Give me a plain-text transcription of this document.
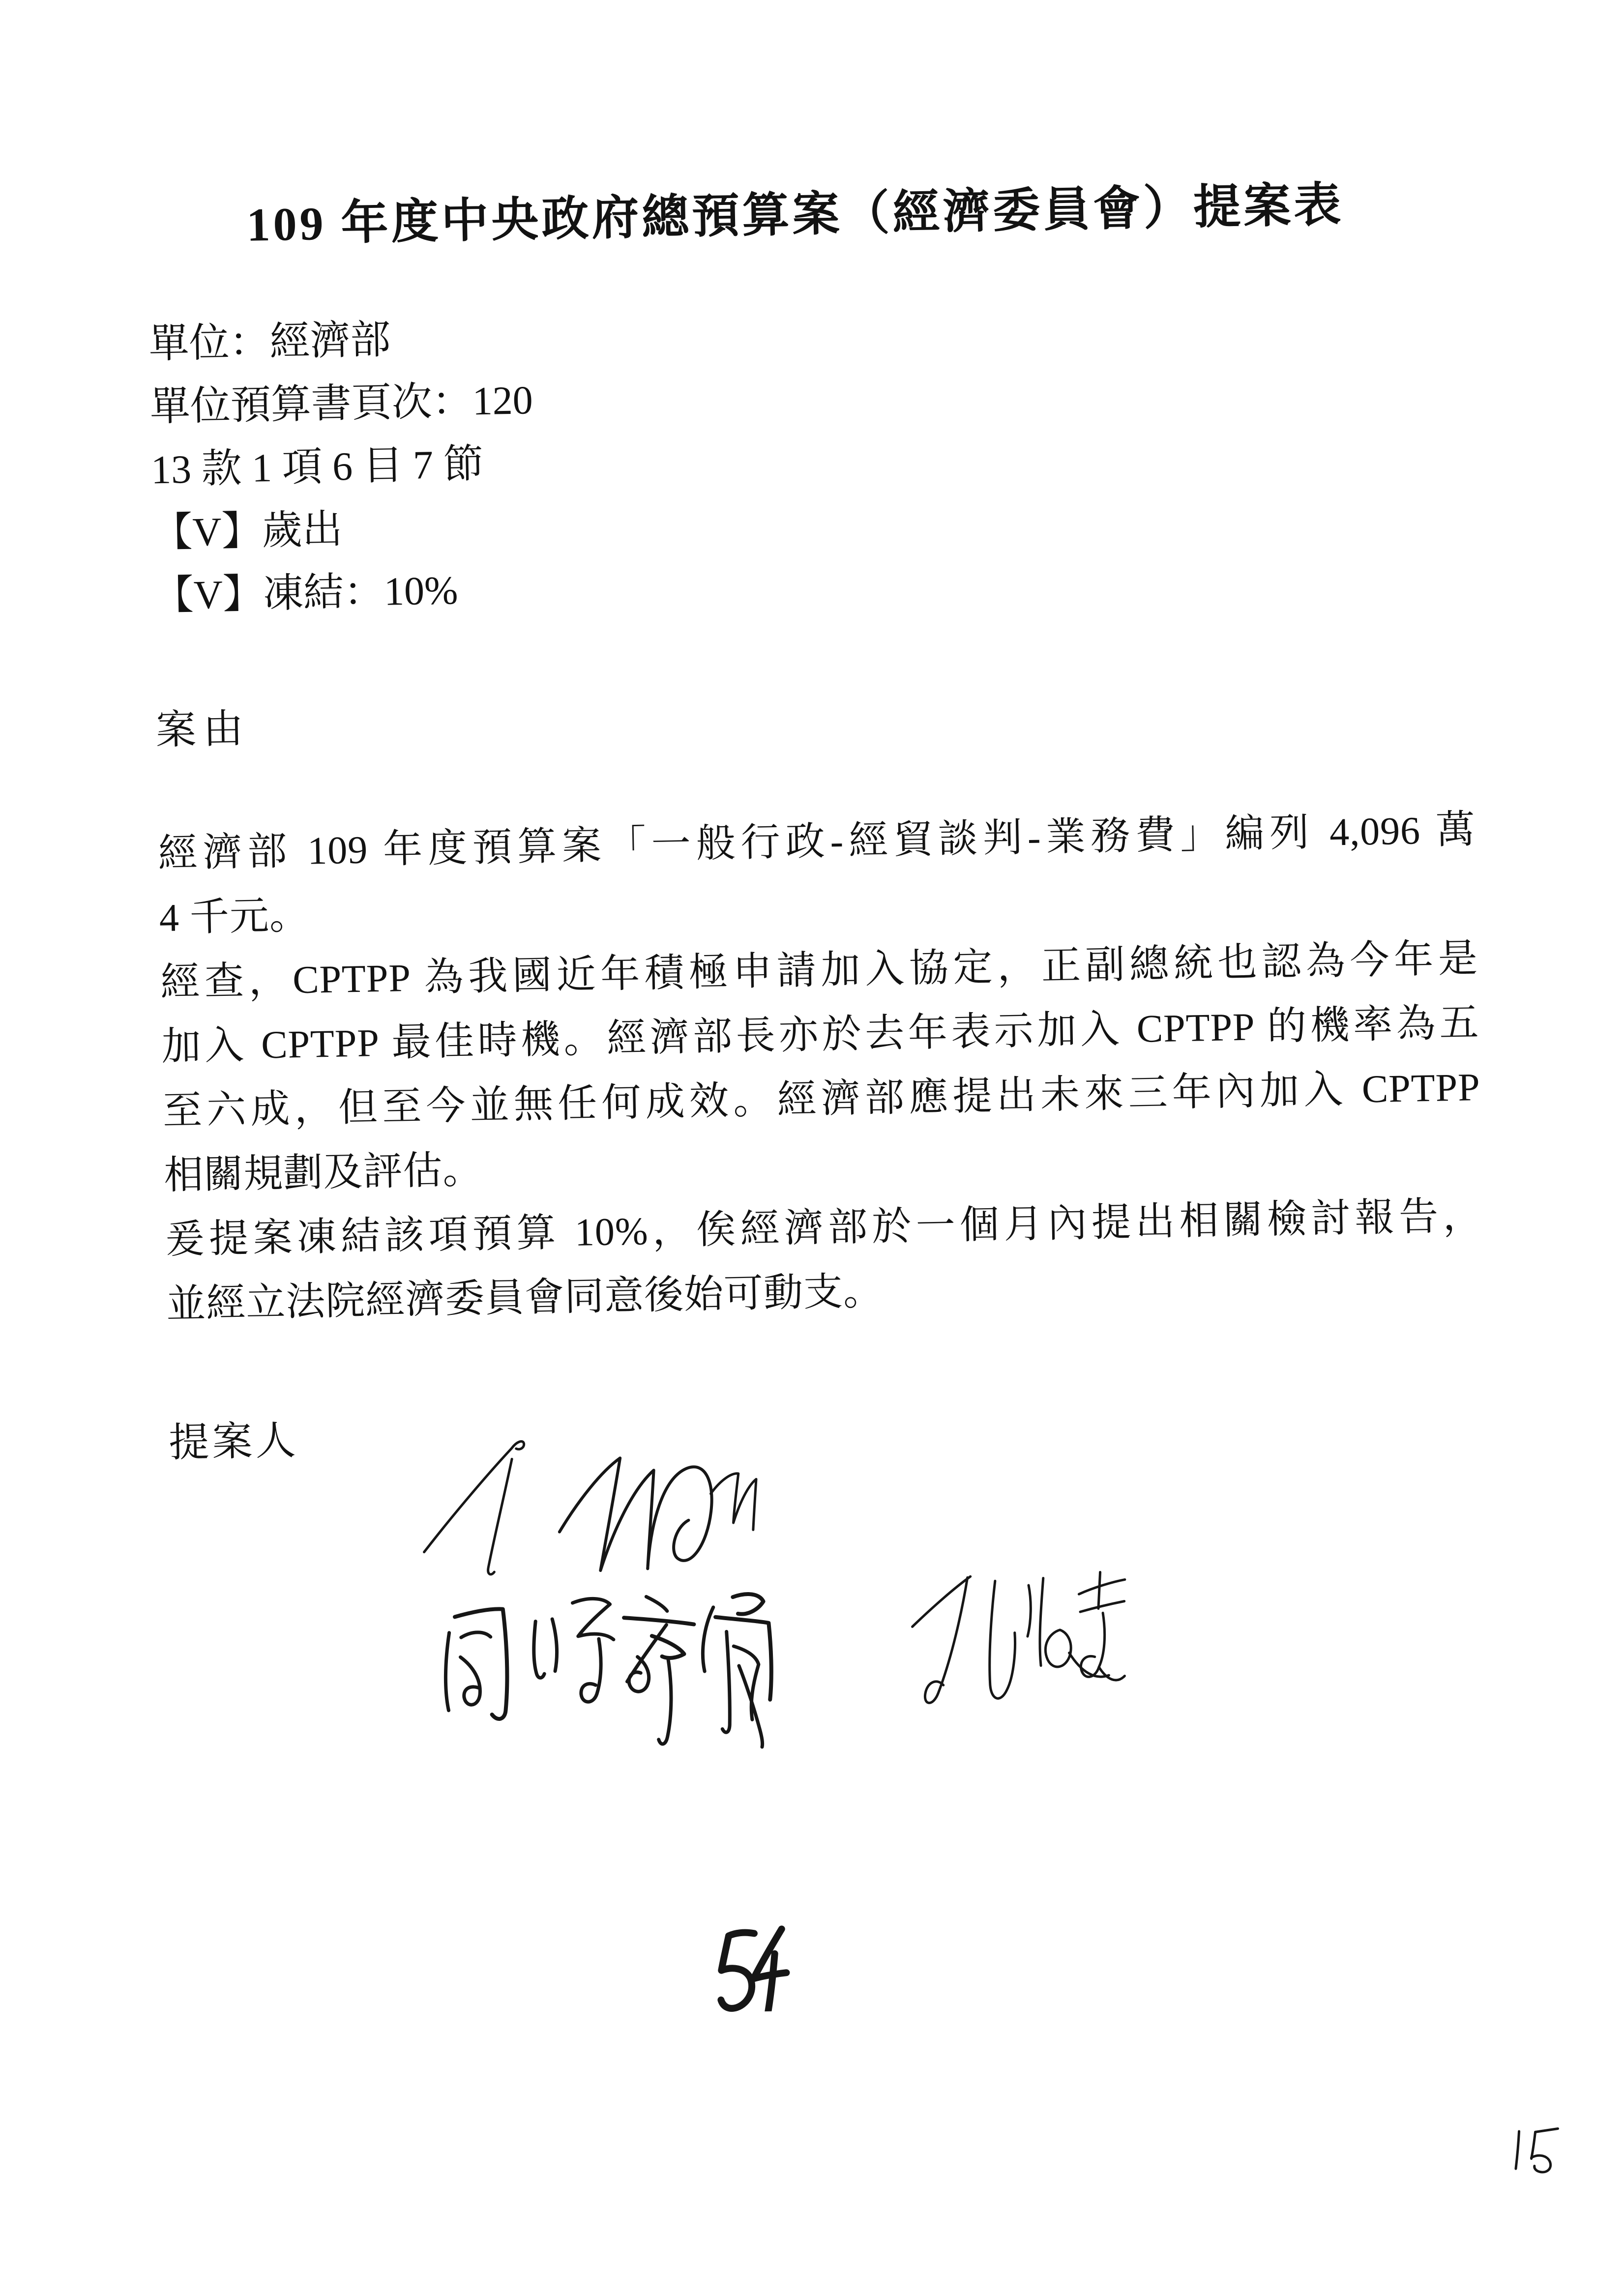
109 年度中央政府總預算案（經濟委員會）提案表
單位：經濟部
單位預算書頁次：120
13 款 1 項 6 目 7 節
【V】歲出
【V】凍結：10%
案由
經濟部 109 年度預算案「一般行政-經貿談判-業務費」編列 4,096 萬
4 千元。
經查，CPTPP 為我國近年積極申請加入協定，正副總統也認為今年是
加入 CPTPP 最佳時機。經濟部長亦於去年表示加入 CPTPP 的機率為五
至六成，但至今並無任何成效。經濟部應提出未來三年內加入 CPTPP
相關規劃及評估。
爰提案凍結該項預算 10%，俟經濟部於一個月內提出相關檢討報告，
並經立法院經濟委員會同意後始可動支。
提案人
